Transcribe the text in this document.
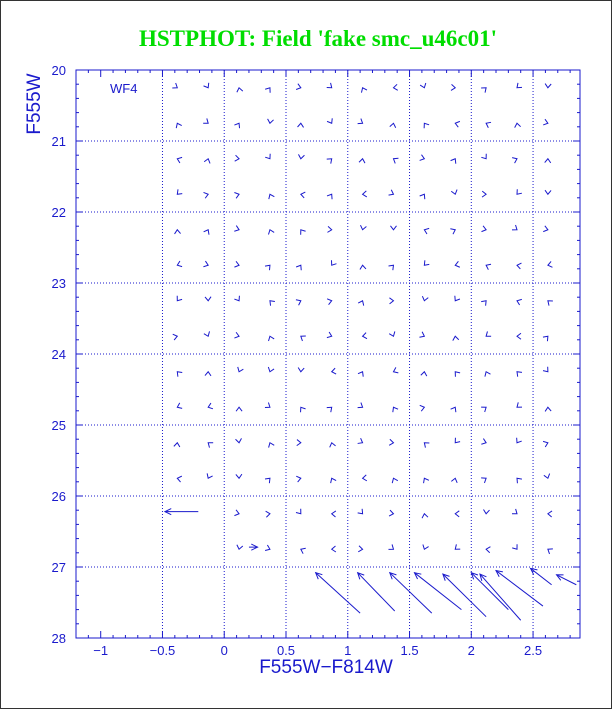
HSTPHOT: Field 'fake smc_u46c01'
−1	−0.5	0	0.5	1	1.5	2	2.5
20
21
22
23
24
25
26
27
28
WF4
F555W−F814W
F555W
